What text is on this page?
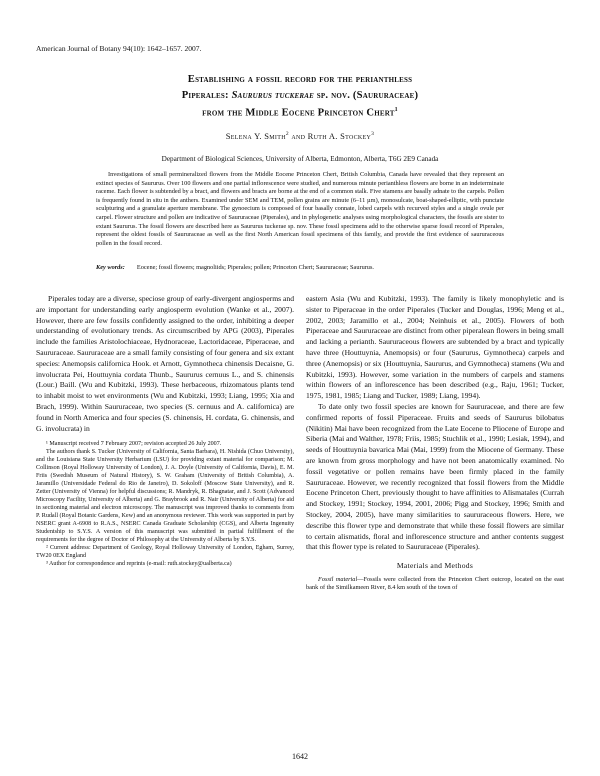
American Journal of Botany 94(10): 1642–1657. 2007.
Establishing a fossil record for the perianthless
Piperales: Saururus tuckerae sp. nov. (Saururaceae)
from the Middle Eocene Princeton Chert$^1$
Selena Y. Smith$^2$ and Ruth A. Stockey$^3$
Department of Biological Sciences, University of Alberta, Edmonton, Alberta, T6G 2E9 Canada

Investigations of small permineralized flowers from the Middle Eocene Princeton Chert, British Columbia, Canada have revealed that they represent an extinct species of Saururus. Over 100 flowers and one partial inflorescence were studied, and numerous minute perianthless flowers are borne in an indeterminate raceme. Each flower is subtended by a bract, and flowers and bracts are borne at the end of a common stalk. Five stamens are basally adnate to the carpels. Pollen is frequently found in situ in the anthers. Examined under SEM and TEM, pollen grains are minute (6–11 µm), monosulcate, boat-shaped-elliptic, with punctate sculpturing and a granulate aperture membrane. The gynoecium is composed of four basally connate, lobed carpels with recurved styles and a single ovule per carpel. Flower structure and pollen are indicative of Saururaceae (Piperales), and in phylogenetic analyses using morphological characters, the fossils are sister to extant Saururus. The fossil flowers are described here as Saururus tuckerae sp. nov. These fossil specimens add to the otherwise sparse fossil record of Piperales, represent the oldest fossils of Saururaceae as well as the first North American fossil specimens of this family, and provide the first evidence of saururaceous pollen in the fossil record.

Key words: Eocene; fossil flowers; magnoliids; Piperales; pollen; Princeton Chert; Saururaceae; Saururus.

Piperales today are a diverse, speciose group of early-divergent angiosperms and are important for understanding early angiosperm evolution (Wanke et al., 2007). However, there are few fossils confidently assigned to the order, inhibiting a deeper understanding of evolutionary trends. As circumscribed by APG (2003), Piperales include the families Aristolochiaceae, Hydnoraceae, Lactoridaceae, Piperaceae, and Saururaceae. Saururaceae are a small family consisting of four genera and six extant species: Anemopsis californica Hook. et Arnott, Gymnotheca chinensis Decaisne, G. involucrata Pei, Houttuynia cordata Thunb., Saururus cernuus L., and S. chinensis (Lour.) Baill. (Wu and Kubitzki, 1993). These herbaceous, rhizomatous plants tend to inhabit moist to wet environments (Wu and Kubitzki, 1993; Liang, 1995; Xia and Brach, 1999). Within Saururaceae, two species (S. cernuus and A. californica) are found in North America and four species (S. chinensis, H. cordata, G. chinensis, and G. involucrata) in

¹ Manuscript received 7 February 2007; revision accepted 26 July 2007.

The authors thank S. Tucker (University of California, Santa Barbara), H. Nishida (Chuo University), and the Louisiana State University Herbarium (LSU) for providing extant material for comparison; M. Collinson (Royal Holloway University of London), J. A. Doyle (University of California, Davis), E. M. Friis (Swedish Museum of Natural History), S. W. Graham (University of British Columbia), A. Jaramillo (Universidade Federal do Rio de Janeiro), D. Sokoloff (Moscow State University), and R. Zetter (University of Vienna) for helpful discussions; R. Mandryk, R. Bhagnatar, and J. Scott (Advanced Microscopy Facility, University of Alberta) and G. Braybrook and R. Nair (University of Alberta) for aid in sectioning material and electron microscopy. The manuscript was improved thanks to comments from P. Rudall (Royal Botanic Gardens, Kew) and an anonymous reviewer. This work was supported in part by NSERC grant A-6908 to R.A.S., NSERC Canada Graduate Scholarship (CGS), and Alberta Ingenuity Studentship to S.Y.S. A version of this manuscript was submitted in partial fulfillment of the requirements for the degree of Doctor of Philosophy at the University of Alberta by S.Y.S.

² Current address: Department of Geology, Royal Holloway University of London, Egham, Surrey, TW20 0EX England

³ Author for correspondence and reprints (e-mail: ruth.stockey@ualberta.ca)

eastern Asia (Wu and Kubitzki, 1993). The family is likely monophyletic and is sister to Piperaceae in the order Piperales (Tucker and Douglas, 1996; Meng et al., 2002, 2003; Jaramillo et al., 2004; Neinhuis et al., 2005). Flowers of both Piperaceae and Saururaceae are distinct from other piperalean flowers in being small and lacking a perianth. Saururaceous flowers are subtended by a bract and typically have three (Houttuynia, Anemopsis) or four (Saururus, Gymnotheca) carpels and three (Anemopsis) or six (Houttuynia, Saururus, and Gymnotheca) stamens (Wu and Kubitzki, 1993). However, some variation in the numbers of carpels and stamens within flowers of an inflorescence has been described (e.g., Raju, 1961; Tucker, 1975, 1981, 1985; Liang and Tucker, 1989; Liang, 1994).

To date only two fossil species are known for Saururaceae, and there are few confirmed reports of fossil Piperaceae. Fruits and seeds of Saururus bilobatus (Nikitin) Mai have been recognized from the Late Eocene to Pliocene of Europe and Siberia (Mai and Walther, 1978; Friis, 1985; Stuchlik et al., 1990; Lesiak, 1994), and seeds of Houttuynia bavarica Mai (Mai, 1999) from the Miocene of Germany. These are known from gross morphology and have not been anatomically examined. No fossil vegetative or pollen remains have been firmly placed in the family Saururaceae. However, we recently recognized that fossil flowers from the Middle Eocene Princeton Chert, previously thought to have affinities to Alismatales (Currah and Stockey, 1991; Stockey, 1994, 2001, 2006; Pigg and Stockey, 1996; Smith and Stockey, 2004, 2005), have many similarities to saururaceous flowers. Here, we describe this flower type and demonstrate that while these fossil flowers are similar to certain alismatids, floral and inflorescence structure and anther contents suggest that this flower type is related to Saururaceae (Piperales).

Materials and Methods

Fossil material—Fossils were collected from the Princeton Chert outcrop, located on the east bank of the Similkameen River, 8.4 km south of the town of

1642
